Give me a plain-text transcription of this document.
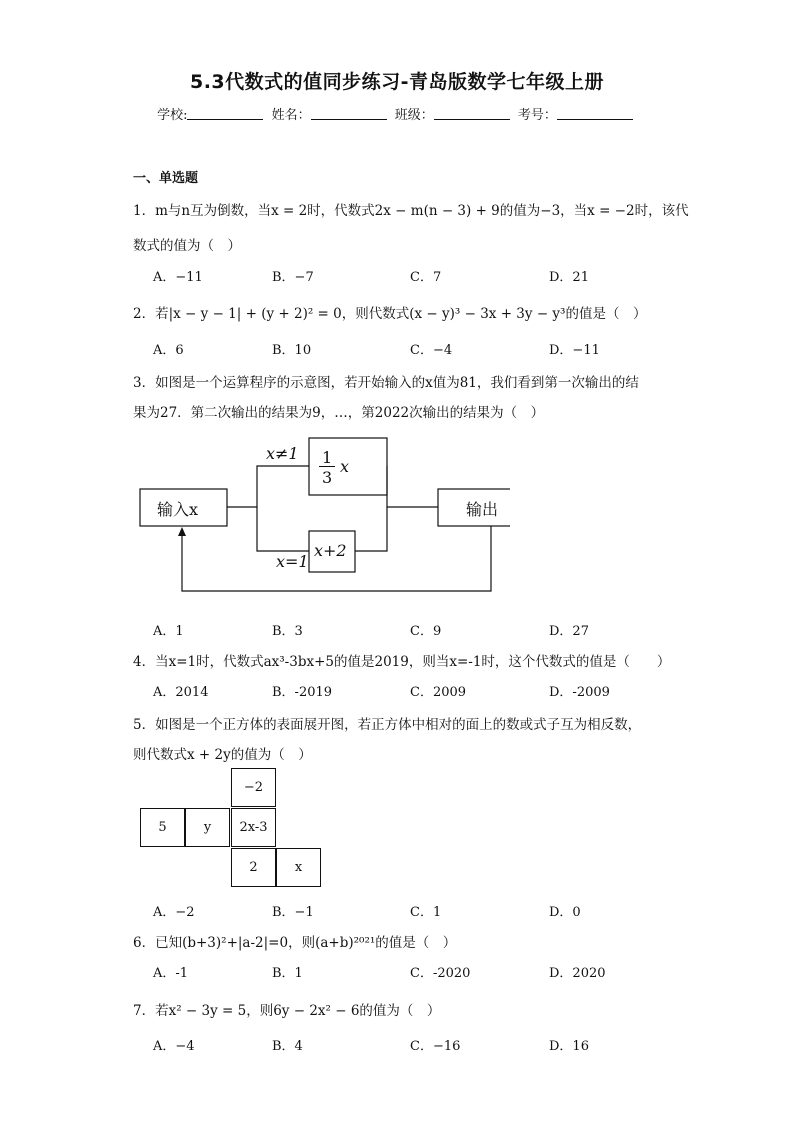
5.3代数式的值同步练习-青岛版数学七年级上册
学校:	姓名：	班级：	考号：
一、单选题
1．m与n互为倒数，当x = 2时，代数式2x − m(n − 3) + 9的值为−3，当x = −2时，该代
数式的值为（　）
A．−11	B．−7	C．7	D．21
2．若|x − y − 1| + (y + 2)² = 0，则代数式(x − y)³ − 3x + 3y − y³的值是（　）
A．6	B．10	C．−4	D．−11
3．如图是一个运算程序的示意图，若开始输入的x值为81，我们看到第一次输出的结
果为27．第二次输出的结果为9，…，第2022次输出的结果为（　）
输入x	输出
x≠1
x=1
1
3
x
x+2
A．1	B．3	C．9	D．27
4．当x=1时，代数式ax³-3bx+5的值是2019，则当x=-1时，这个代数式的值是（　　）
A．2014	B．-2019	C．2009	D．-2009
5．如图是一个正方体的表面展开图，若正方体中相对的面上的数或式子互为相反数，
则代数式x + 2y的值为（　）
−2
5	y	2x-3
2	x
A．−2	B．−1	C．1	D．0
6．已知(b+3)²+|a-2|=0，则(a+b)²⁰²¹的值是（　）
A．-1	B．1	C．-2020	D．2020
7．若x² − 3y = 5，则6y − 2x² − 6的值为（　）
A．−4	B．4	C．−16	D．16
